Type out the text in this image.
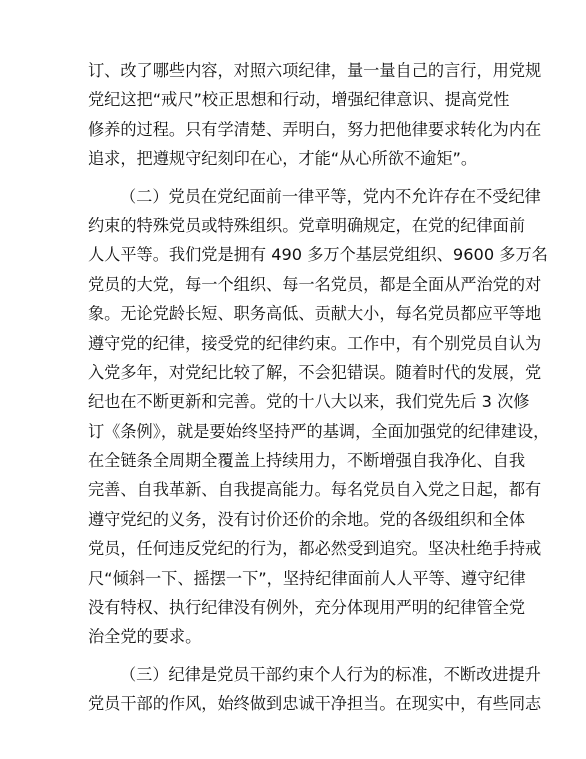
订、改了哪些内容，对照六项纪律，量一量自己的言行，用党规
党纪这把“戒尺”校正思想和行动，增强纪律意识、提高党性
修养的过程。只有学清楚、弄明白，努力把他律要求转化为内在
追求，把遵规守纪刻印在心，才能“从心所欲不逾矩”。
（二）党员在党纪面前一律平等，党内不允许存在不受纪律
约束的特殊党员或特殊组织。党章明确规定，在党的纪律面前
人人平等。我们党是拥有 490 多万个基层党组织、9600 多万名
党员的大党，每一个组织、每一名党员，都是全面从严治党的对
象。无论党龄长短、职务高低、贡献大小，每名党员都应平等地
遵守党的纪律，接受党的纪律约束。工作中，有个别党员自认为
入党多年，对党纪比较了解，不会犯错误。随着时代的发展，党
纪也在不断更新和完善。党的十八大以来，我们党先后 3 次修
订《条例》，就是要始终坚持严的基调，全面加强党的纪律建设，
在全链条全周期全覆盖上持续用力，不断增强自我净化、自我
完善、自我革新、自我提高能力。每名党员自入党之日起，都有
遵守党纪的义务，没有讨价还价的余地。党的各级组织和全体
党员，任何违反党纪的行为，都必然受到追究。坚决杜绝手持戒
尺“倾斜一下、摇摆一下”，坚持纪律面前人人平等、遵守纪律
没有特权、执行纪律没有例外，充分体现用严明的纪律管全党
治全党的要求。
（三）纪律是党员干部约束个人行为的标准，不断改进提升
党员干部的作风，始终做到忠诚干净担当。在现实中，有些同志
